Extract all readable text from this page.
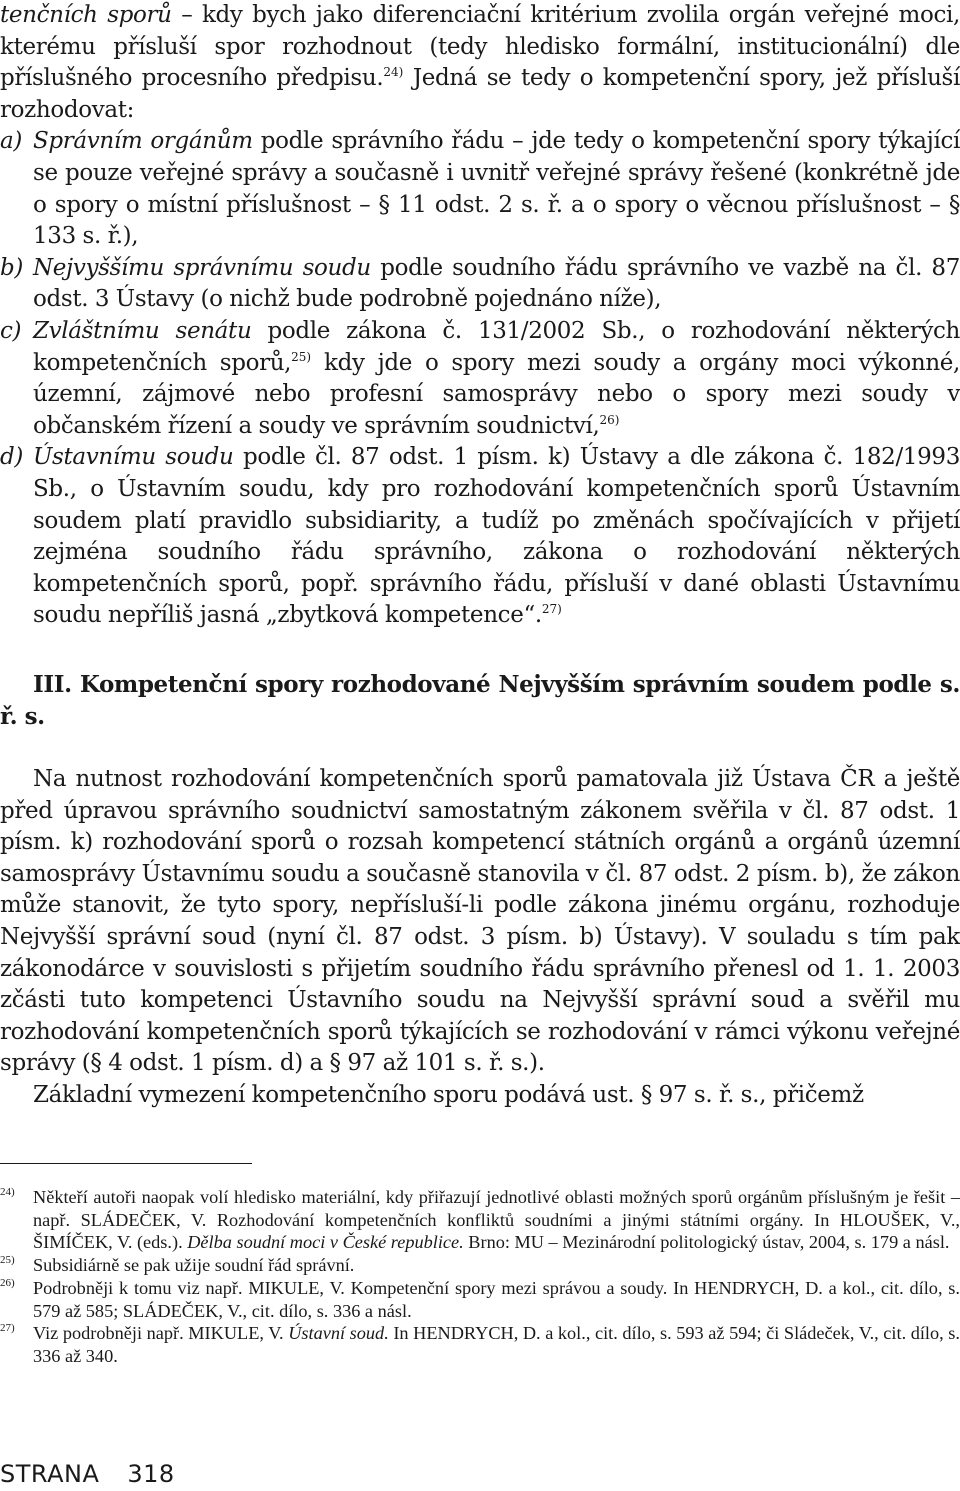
tenčních sporů – kdy bych jako diferenciační kritérium zvolila orgán veřejné moci, kterému přísluší spor rozhodnout (tedy hledisko formální, institucionální) dle příslušného procesního předpisu.$^{24)}$ Jedná se tedy o kompetenční spory, jež přísluší rozhodovat:

a) Správním orgánům podle správního řádu – jde tedy o kompetenční spory týkající se pouze veřejné správy a současně i uvnitř veřejné správy řešené (konkrétně jde o spory o místní příslušnost – § 11 odst. 2 s. ř. a o spory o věcnou příslušnost – § 133 s. ř.),

b) Nejvyššímu správnímu soudu podle soudního řádu správního ve vazbě na čl. 87 odst. 3 Ústavy (o nichž bude podrobně pojednáno níže),

c) Zvláštnímu senátu podle zákona č. 131/2002 Sb., o rozhodování některých kompetenčních sporů,$^{25)}$ kdy jde o spory mezi soudy a orgány moci výkonné, územní, zájmové nebo profesní samosprávy nebo o spory mezi soudy v občanském řízení a soudy ve správním soudnictví,$^{26)}$

d) Ústavnímu soudu podle čl. 87 odst. 1 písm. k) Ústavy a dle zákona č. 182/1993 Sb., o Ústavním soudu, kdy pro rozhodování kompetenčních sporů Ústavním soudem platí pravidlo subsidiarity, a tudíž po změnách spočívajících v přijetí zejména soudního řádu správního, zákona o rozhodování některých kompetenčních sporů, popř. správního řádu, přísluší v dané oblasti Ústavnímu soudu nepříliš jasná „zbytková kompetence“.$^{27)}$

III. Kompetenční spory rozhodované Nejvyšším správním soudem podle s. ř. s.

Na nutnost rozhodování kompetenčních sporů pamatovala již Ústava ČR a ještě před úpravou správního soudnictví samostatným zákonem svěřila v čl. 87 odst. 1 písm. k) rozhodování sporů o rozsah kompetencí státních orgánů a orgánů územní samosprávy Ústavnímu soudu a současně stanovila v čl. 87 odst. 2 písm. b), že zákon může stanovit, že tyto spory, nepřísluší-li podle zákona jinému orgánu, rozhoduje Nejvyšší správní soud (nyní čl. 87 odst. 3 písm. b) Ústavy). V souladu s tím pak zákonodárce v souvislosti s přijetím soudního řádu správního přenesl od 1. 1. 2003 zčásti tuto kompetenci Ústavního soudu na Nejvyšší správní soud a svěřil mu rozhodování kompetenčních sporů týkajících se rozhodování v rámci výkonu veřejné správy (§ 4 odst. 1 písm. d) a § 97 až 101 s. ř. s.).

Základní vymezení kompetenčního sporu podává ust. § 97 s. ř. s., přičemž

24)	Někteří autoři naopak volí hledisko materiální, kdy přiřazují jednotlivé oblasti možných sporů orgánům příslušným je řešit – např. SLÁDEČEK, V. Rozhodování kompetenčních konfliktů soudními a jinými státními orgány. In HLOUŠEK, V., ŠIMÍČEK, V. (eds.). Dělba soudní moci v České republice. Brno: MU – Mezinárodní politologický ústav, 2004, s. 179 a násl.
25)	Subsidiárně se pak užije soudní řád správní.
26)	Podrobněji k tomu viz např. MIKULE, V. Kompetenční spory mezi správou a soudy. In HENDRYCH, D. a kol., cit. dílo, s. 579 až 585; SLÁDEČEK, V., cit. dílo, s. 336 a násl.
27)	Viz podrobněji např. MIKULE, V. Ústavní soud. In HENDRYCH, D. a kol., cit. dílo, s. 593 až 594; či Sládeček, V., cit. dílo, s. 336 až 340.
STRANA 318
